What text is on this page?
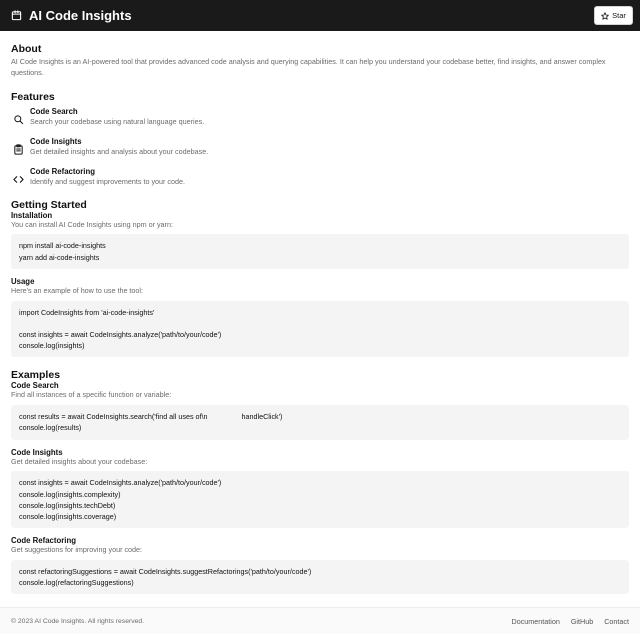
AI Code Insights	Star
About

AI Code Insights is an AI-powered tool that provides advanced code analysis and querying capabilities. It can help you understand your codebase better, find insights, and answer complex questions.

Features
Code Search

Search your codebase using natural language queries.

Code Insights

Get detailed insights and analysis about your codebase.

Code Refactoring

Identify and suggest improvements to your code.

Getting Started
Installation

You can install AI Code Insights using npm or yarn:

npm install ai-code-insights
yarn add ai-code-insights
Usage

Here's an example of how to use the tool:

import CodeInsights from 'ai-code-insights'

const insights = await CodeInsights.analyze('path/to/your/code')
console.log(insights)
Examples
Code Search

Find all instances of a specific function or variable:

const results = await CodeInsights.search('find all uses of\n                 handleClick')
console.log(results)
Code Insights

Get detailed insights about your codebase:

const insights = await CodeInsights.analyze('path/to/your/code')
console.log(insights.complexity)
console.log(insights.techDebt)
console.log(insights.coverage)
Code Refactoring

Get suggestions for improving your code:

const refactoringSuggestions = await CodeInsights.suggestRefactorings('path/to/your/code')
console.log(refactoringSuggestions)
© 2023 AI Code Insights. All rights reserved.	Documentation GitHub Contact
